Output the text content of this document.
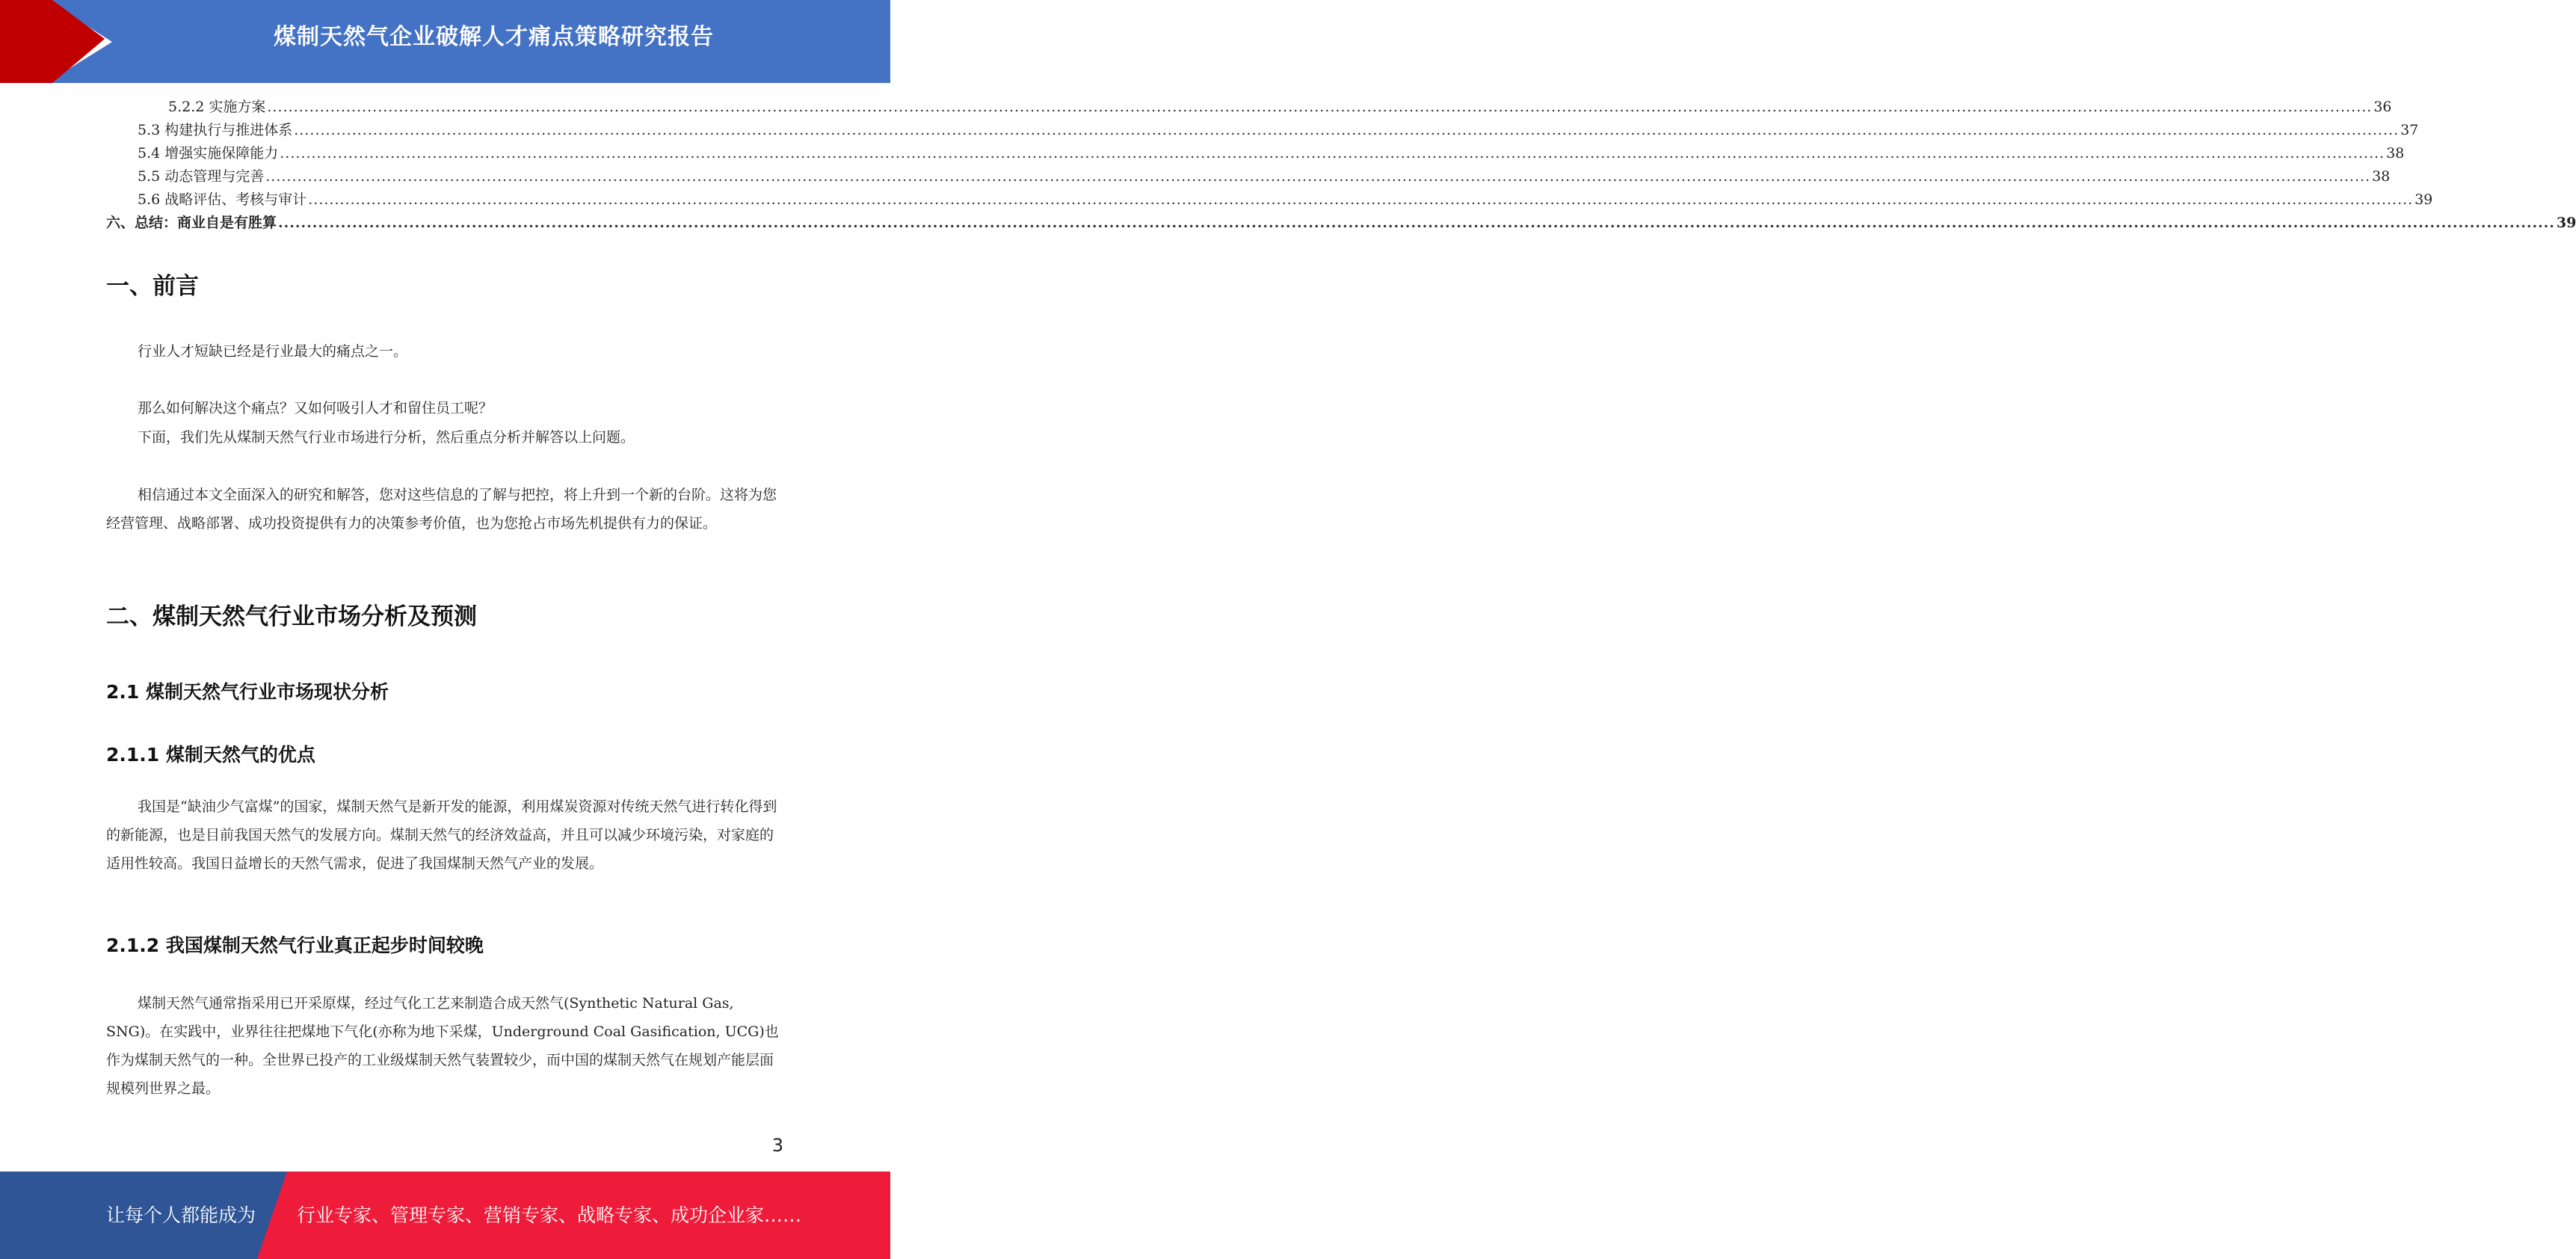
煤制天然气企业破解人才痛点策略研究报告
5.2.2 实施方案 ................................................................................................................................................................................................................................................................................................................................................................................................................ 36
5.3 构建执行与推进体系 ................................................................................................................................................................................................................................................................................................................................................................................................................ 37
5.4 增强实施保障能力 ................................................................................................................................................................................................................................................................................................................................................................................................................ 38
5.5 动态管理与完善 ................................................................................................................................................................................................................................................................................................................................................................................................................ 38
5.6 战略评估、考核与审计 ................................................................................................................................................................................................................................................................................................................................................................................................................ 39
六、总结：商业自是有胜算 ................................................................................................................................................................................................................................................................................................................................................................................................................ 39
一、前言

行业人才短缺已经是行业最大的痛点之一。

那么如何解决这个痛点？又如何吸引人才和留住员工呢？

下面，我们先从煤制天然气行业市场进行分析，然后重点分析并解答以上问题。

相信通过本文全面深入的研究和解答，您对这些信息的了解与把控，将上升到一个新的台阶。这将为您经营管理、战略部署、成功投资提供有力的决策参考价值，也为您抢占市场先机提供有力的保证。

二、煤制天然气行业市场分析及预测
2.1 煤制天然气行业市场现状分析
2.1.1 煤制天然气的优点

我国是“缺油少气富煤”的国家，煤制天然气是新开发的能源，利用煤炭资源对传统天然气进行转化得到的新能源，也是目前我国天然气的发展方向。煤制天然气的经济效益高，并且可以减少环境污染，对家庭的适用性较高。我国日益增长的天然气需求，促进了我国煤制天然气产业的发展。

2.1.2 我国煤制天然气行业真正起步时间较晚

煤制天然气通常指采用已开采原煤，经过气化工艺来制造合成天然气(Synthetic Natural Gas, SNG)。在实践中，业界往往把煤地下气化(亦称为地下采煤，Underground Coal Gasification, UCG)也作为煤制天然气的一种。全世界已投产的工业级煤制天然气装置较少，而中国的煤制天然气在规划产能层面规模列世界之最。

3
让每个人都能成为 行业专家、管理专家、营销专家、战略专家、成功企业家……
